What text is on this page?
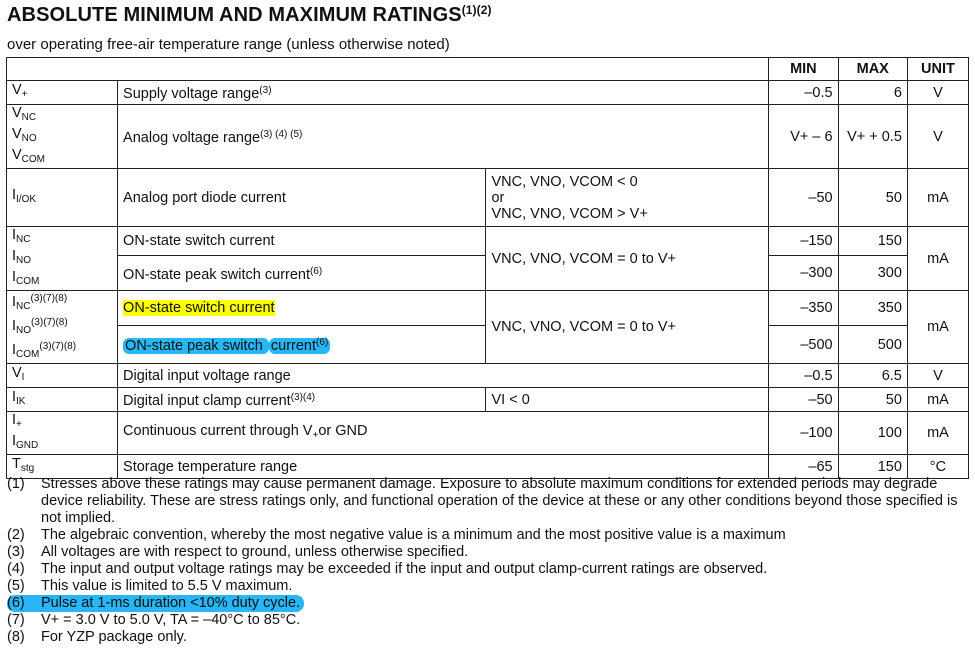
ABSOLUTE MINIMUM AND MAXIMUM $RATINGS^{(1)(2)}$
over operating free-air temperature range (unless otherwise noted)
			MIN	MAX	UNIT
$V_+$	Supply voltage range$^{(3)}$		–0.5	6	V

$V_{NC}$
$V_{NO}$
$V_{COM}$	Analog voltage range$^{(3) (4) (5)}$		V+ – 6	V+ + 0.5	V
$I_{I/OK}$	Analog port diode current	VNC, VNO, VCOM < 0
or
VNC, VNO, VCOM > V+	–50	50	mA

$I_{NC}$
$I_{NO}$
$I_{COM}$	ON-state switch current	VNC, VNO, VCOM = 0 to V+	–150	150	mA
	ON-state peak switch current$^{(6)}$		–300	300	

$I_{NC}^{(3)(7)(8)}$
$I_{NO}^{(3)(7)(8)}$
$I_{COM}^{(3)(7)(8)}$	ON-state switch current	VNC, VNO, VCOM = 0 to V+	–350	350	mA
	ON-state peak switch current$^{(6)}$		–500	500	
$V_I$	Digital input voltage range		–0.5	6.5	V
$I_{IK}$	Digital input clamp current$^{(3)(4)}$	VI < 0	–50	50	mA

$I_+$
$I_{GND}$	Continuous current through $V_+or$ GND		–100	100	mA
$T_{stg}$	Storage temperature range		–65	150	°C
(1)	Stresses above these ratings may cause permanent damage. Exposure to absolute maximum conditions for extended periods may degrade device reliability. These are stress ratings only, and functional operation of the device at these or any other conditions beyond those specified is not implied.
(2)	The algebraic convention, whereby the most negative value is a minimum and the most positive value is a maximum
(3)	All voltages are with respect to ground, unless otherwise specified.
(4)	The input and output voltage ratings may be exceeded if the input and output clamp-current ratings are observed.
(5)	This value is limited to 5.5 V maximum.
(6)	Pulse at 1-ms duration <10% duty cycle.
(7)	V+ = 3.0 V to 5.0 V, TA = –40°C to 85°C.
(8)	For YZP package only.
